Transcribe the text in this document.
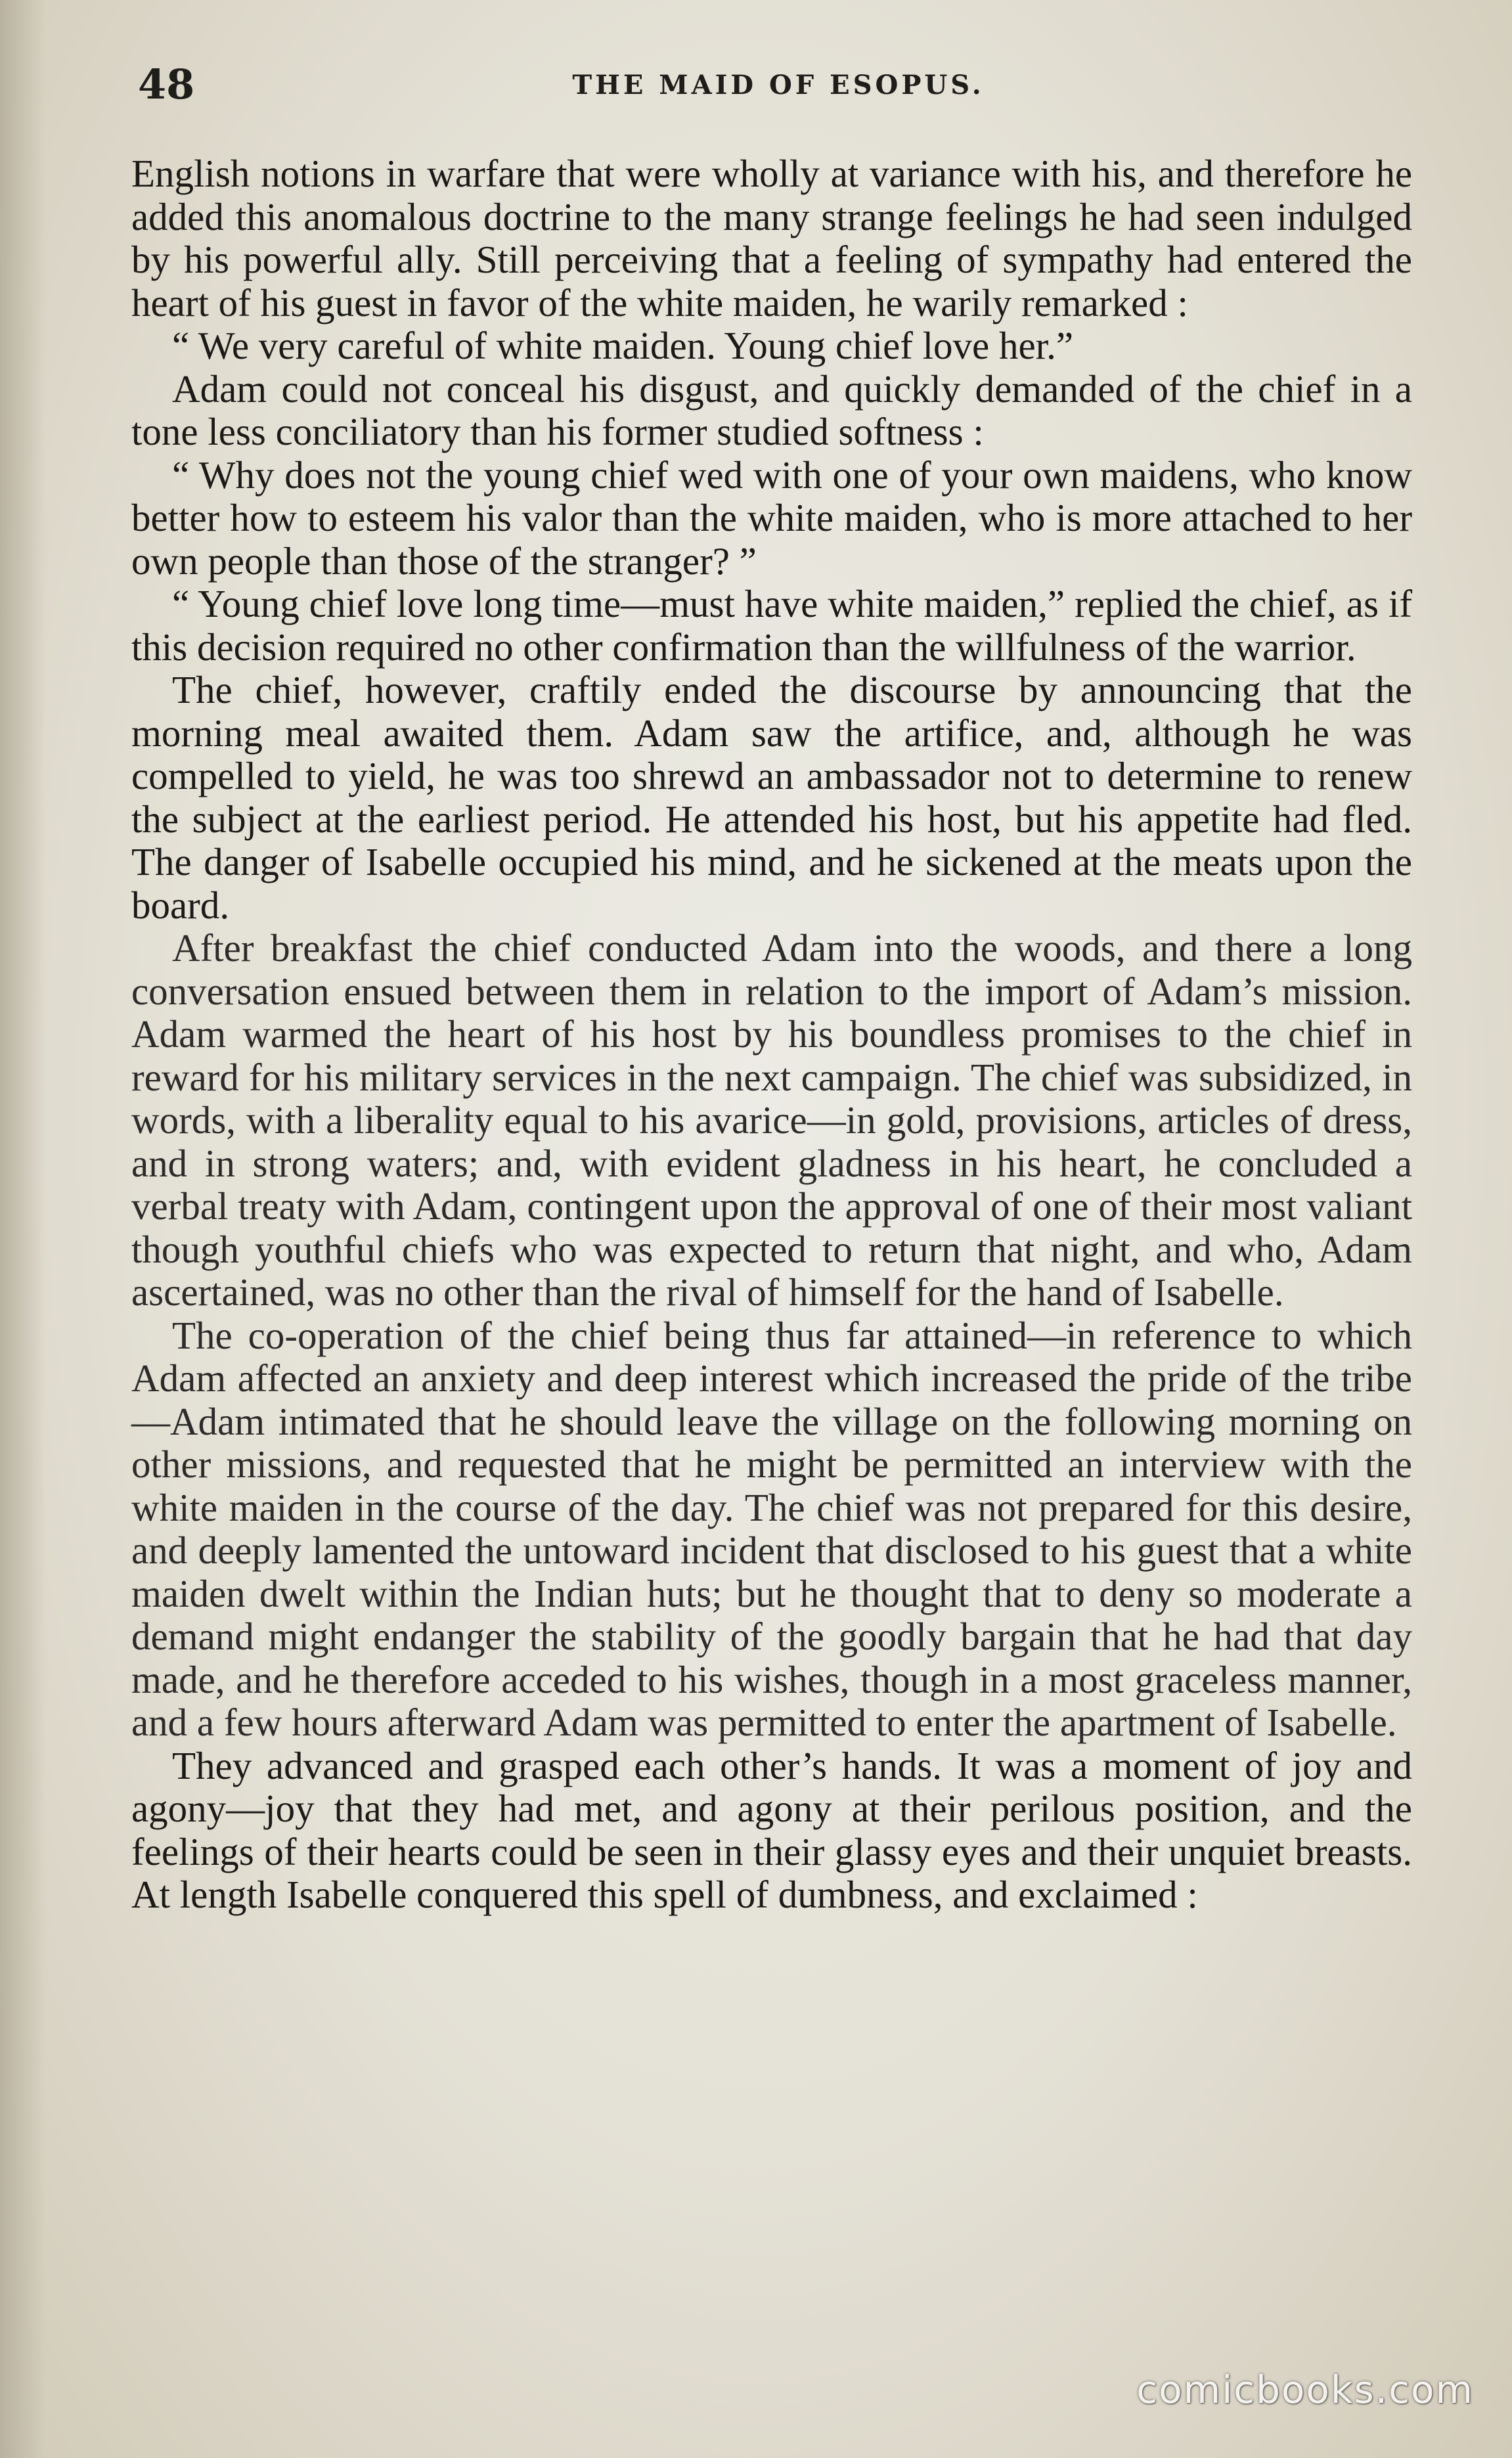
48	THE MAID OF ESOPUS.

English notions in warfare that were wholly at variance with his, and therefore he added this anomalous doctrine to the many strange feelings he had seen indulged by his powerful ally. Still perceiving that a feeling of sympathy had entered the heart of his guest in favor of the white maiden, he warily remarked :

“ We very careful of white maiden. Young chief love her.”

Adam could not conceal his disgust, and quickly demanded of the chief in a tone less conciliatory than his former studied softness :

“ Why does not the young chief wed with one of your own maidens, who know better how to esteem his valor than the white maiden, who is more attached to her own people than those of the stranger? ”

“ Young chief love long time—must have white maiden,” replied the chief, as if this decision required no other confirmation than the willfulness of the warrior.

The chief, however, craftily ended the discourse by announcing that the morning meal awaited them. Adam saw the artifice, and, although he was compelled to yield, he was too shrewd an ambassador not to determine to renew the subject at the earliest period. He attended his host, but his appetite had fled. The danger of Isabelle occupied his mind, and he sickened at the meats upon the board.

After breakfast the chief conducted Adam into the woods, and there a long conversation ensued between them in relation to the import of Adam’s mission. Adam warmed the heart of his host by his boundless promises to the chief in reward for his military services in the next campaign. The chief was subsidized, in words, with a liberality equal to his avarice—in gold, provisions, articles of dress, and in strong waters; and, with evident gladness in his heart, he concluded a verbal treaty with Adam, contingent upon the approval of one of their most valiant though youthful chiefs who was expected to return that night, and who, Adam ascertained, was no other than the rival of himself for the hand of Isabelle.

The co-operation of the chief being thus far attained—in reference to which Adam affected an anxiety and deep interest which increased the pride of the tribe—Adam intimated that he should leave the village on the following morning on other missions, and requested that he might be permitted an interview with the white maiden in the course of the day. The chief was not prepared for this desire, and deeply lamented the untoward incident that disclosed to his guest that a white maiden dwelt within the Indian huts; but he thought that to deny so moderate a demand might endanger the stability of the goodly bargain that he had that day made, and he therefore acceded to his wishes, though in a most graceless manner, and a few hours afterward Adam was permitted to enter the apartment of Isabelle.

They advanced and grasped each other’s hands. It was a moment of joy and agony—joy that they had met, and agony at their perilous position, and the feelings of their hearts could be seen in their glassy eyes and their unquiet breasts. At length Isabelle conquered this spell of dumbness, and exclaimed :

comicbooks.com
